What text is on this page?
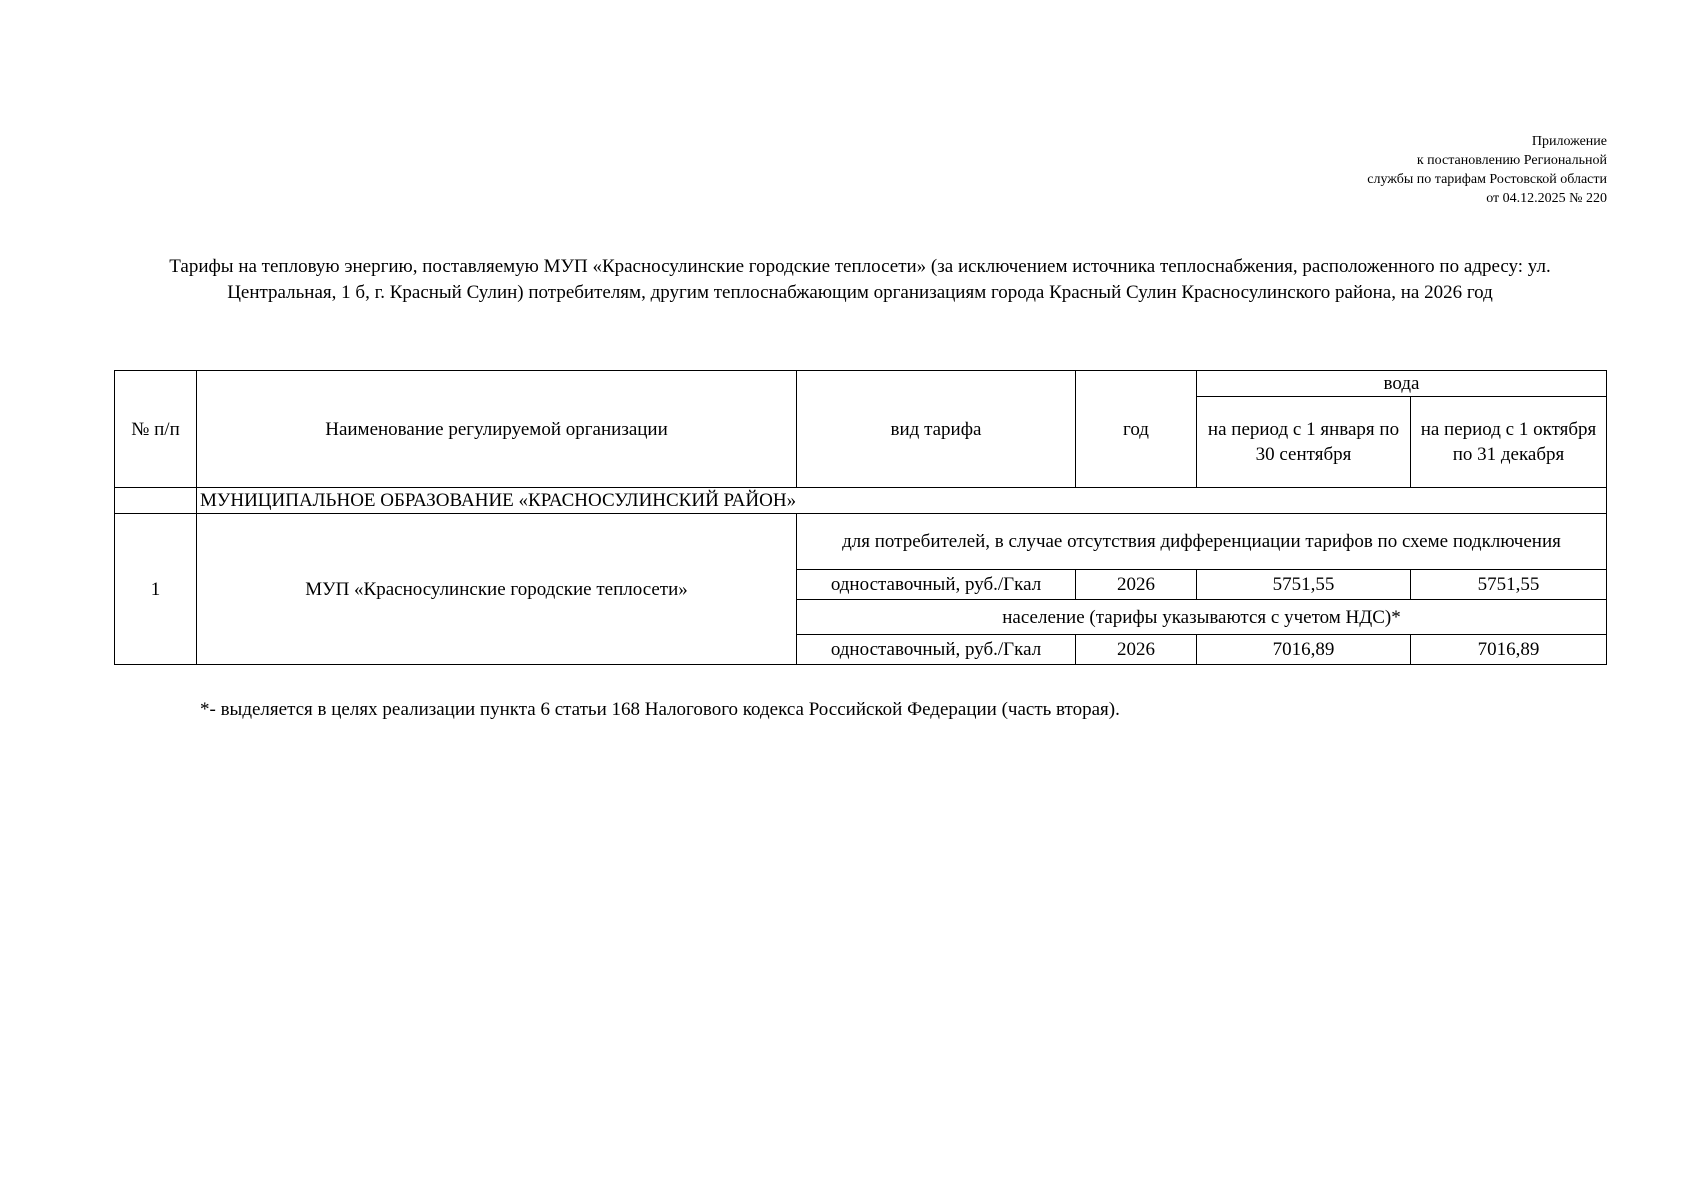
Приложение
к постановлению Региональной
службы по тарифам Ростовской области
от 04.12.2025 № 220
Тарифы на тепловую энергию, поставляемую МУП «Красносулинские городские теплосети» (за исключением источника теплоснабжения, расположенного по адресу: ул. Центральная, 1 б, г. Красный Сулин) потребителям, другим теплоснабжающим организациям города Красный Сулин Красносулинского района, на 2026 год
№ п/п	Наименование регулируемой организации	вид тарифа	год	вода	
				на период с 1 января по 30 сентября	на период с 1 октября по 31 декабря
	МУНИЦИПАЛЬНОЕ ОБРАЗОВАНИЕ «КРАСНОСУЛИНСКИЙ РАЙОН»				
1	МУП «Красносулинские городские теплосети»	для потребителей, в случае отсутствия дифференциации тарифов по схеме подключения			
		одноставочный, руб./Гкал	2026	5751,55	5751,55
		население (тарифы указываются с учетом НДС)*			
		одноставочный, руб./Гкал	2026	7016,89	7016,89
*- выделяется в целях реализации пункта 6 статьи 168 Налогового кодекса Российской Федерации (часть вторая).
